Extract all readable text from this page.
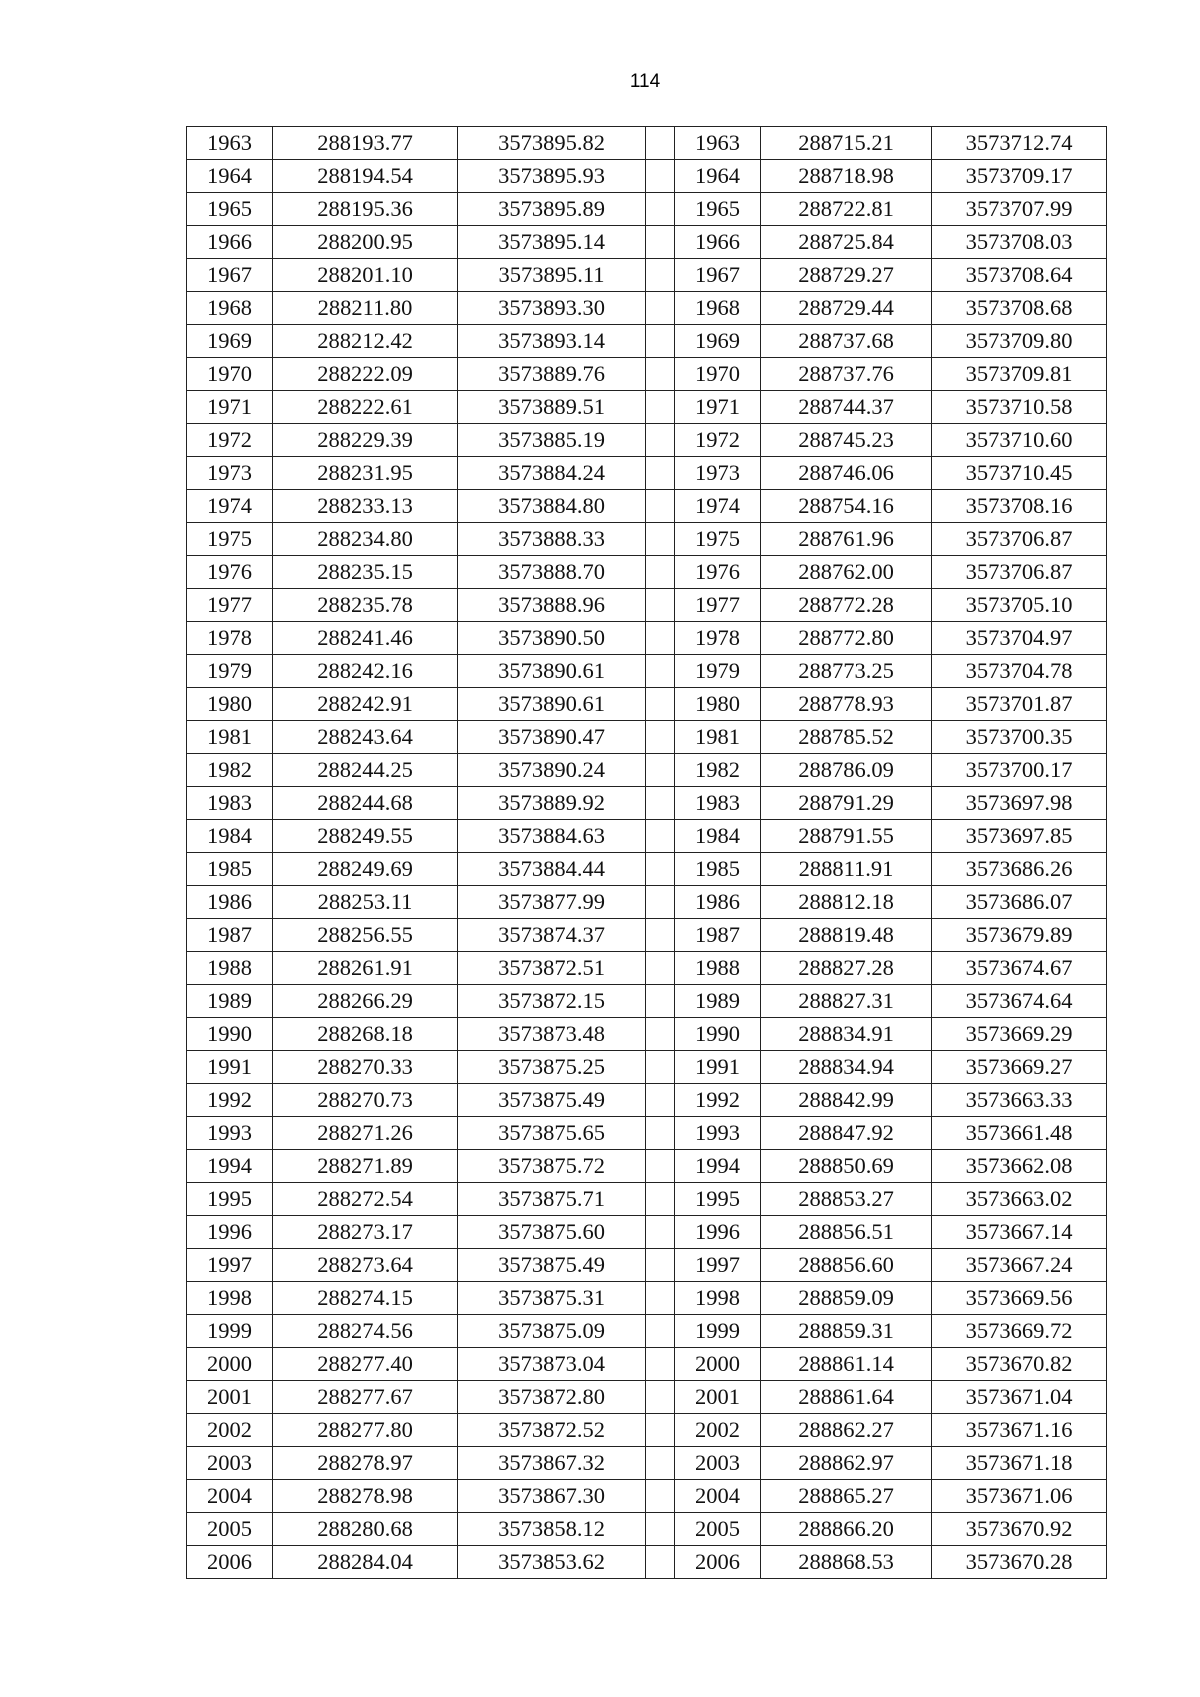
114
1963	288193.77	3573895.82		1963	288715.21	3573712.74
1964	288194.54	3573895.93		1964	288718.98	3573709.17
1965	288195.36	3573895.89		1965	288722.81	3573707.99
1966	288200.95	3573895.14		1966	288725.84	3573708.03
1967	288201.10	3573895.11		1967	288729.27	3573708.64
1968	288211.80	3573893.30		1968	288729.44	3573708.68
1969	288212.42	3573893.14		1969	288737.68	3573709.80
1970	288222.09	3573889.76		1970	288737.76	3573709.81
1971	288222.61	3573889.51		1971	288744.37	3573710.58
1972	288229.39	3573885.19		1972	288745.23	3573710.60
1973	288231.95	3573884.24		1973	288746.06	3573710.45
1974	288233.13	3573884.80		1974	288754.16	3573708.16
1975	288234.80	3573888.33		1975	288761.96	3573706.87
1976	288235.15	3573888.70		1976	288762.00	3573706.87
1977	288235.78	3573888.96		1977	288772.28	3573705.10
1978	288241.46	3573890.50		1978	288772.80	3573704.97
1979	288242.16	3573890.61		1979	288773.25	3573704.78
1980	288242.91	3573890.61		1980	288778.93	3573701.87
1981	288243.64	3573890.47		1981	288785.52	3573700.35
1982	288244.25	3573890.24		1982	288786.09	3573700.17
1983	288244.68	3573889.92		1983	288791.29	3573697.98
1984	288249.55	3573884.63		1984	288791.55	3573697.85
1985	288249.69	3573884.44		1985	288811.91	3573686.26
1986	288253.11	3573877.99		1986	288812.18	3573686.07
1987	288256.55	3573874.37		1987	288819.48	3573679.89
1988	288261.91	3573872.51		1988	288827.28	3573674.67
1989	288266.29	3573872.15		1989	288827.31	3573674.64
1990	288268.18	3573873.48		1990	288834.91	3573669.29
1991	288270.33	3573875.25		1991	288834.94	3573669.27
1992	288270.73	3573875.49		1992	288842.99	3573663.33
1993	288271.26	3573875.65		1993	288847.92	3573661.48
1994	288271.89	3573875.72		1994	288850.69	3573662.08
1995	288272.54	3573875.71		1995	288853.27	3573663.02
1996	288273.17	3573875.60		1996	288856.51	3573667.14
1997	288273.64	3573875.49		1997	288856.60	3573667.24
1998	288274.15	3573875.31		1998	288859.09	3573669.56
1999	288274.56	3573875.09		1999	288859.31	3573669.72
2000	288277.40	3573873.04		2000	288861.14	3573670.82
2001	288277.67	3573872.80		2001	288861.64	3573671.04
2002	288277.80	3573872.52		2002	288862.27	3573671.16
2003	288278.97	3573867.32		2003	288862.97	3573671.18
2004	288278.98	3573867.30		2004	288865.27	3573671.06
2005	288280.68	3573858.12		2005	288866.20	3573670.92
2006	288284.04	3573853.62		2006	288868.53	3573670.28
